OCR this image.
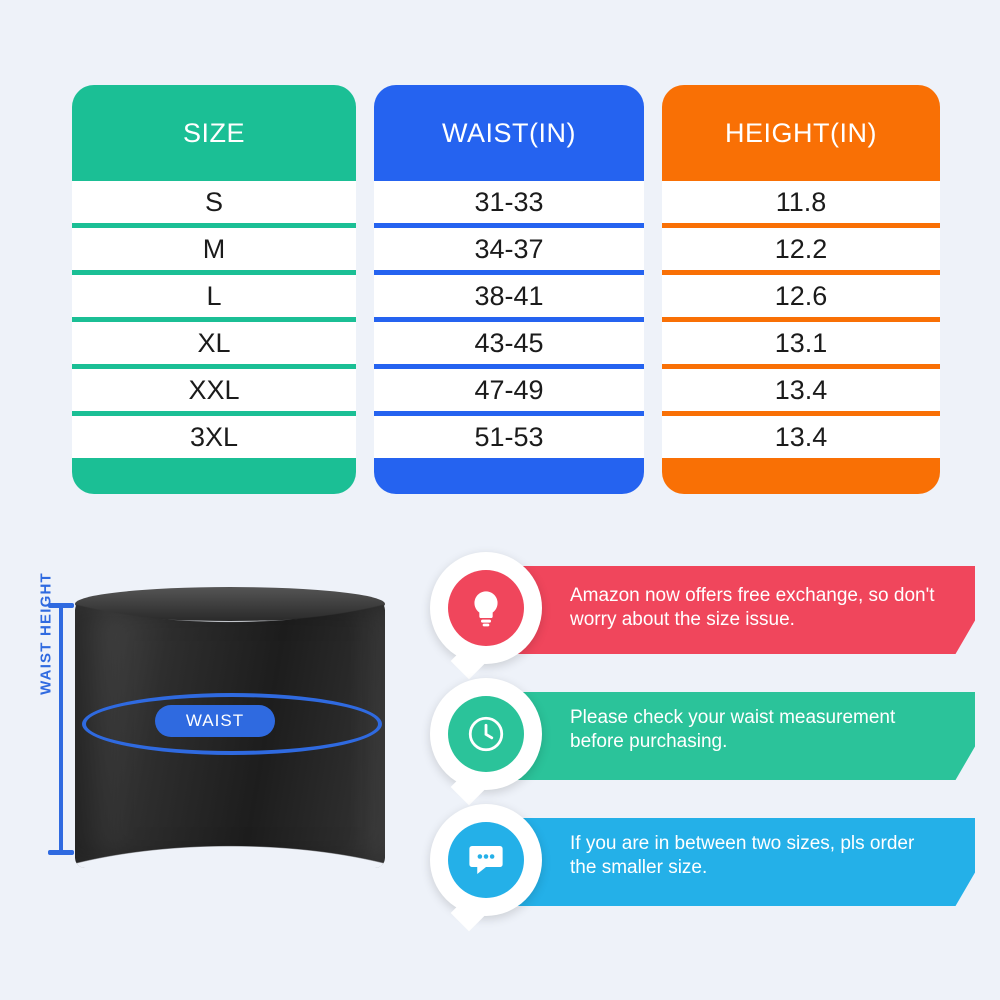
SIZE
S
M
L
XL
XXL
3XL
WAIST(IN)
31-33
34-37
38-41
43-45
47-49
51-53
HEIGHT(IN)
11.8
12.2
12.6
13.1
13.4
13.4
WAIST
WAIST HEIGHT	Amazon now offers free exchange, so don't worry about the size issue.
Please check your waist measurement before purchasing.
If you are in between two sizes, pls order the smaller size.
